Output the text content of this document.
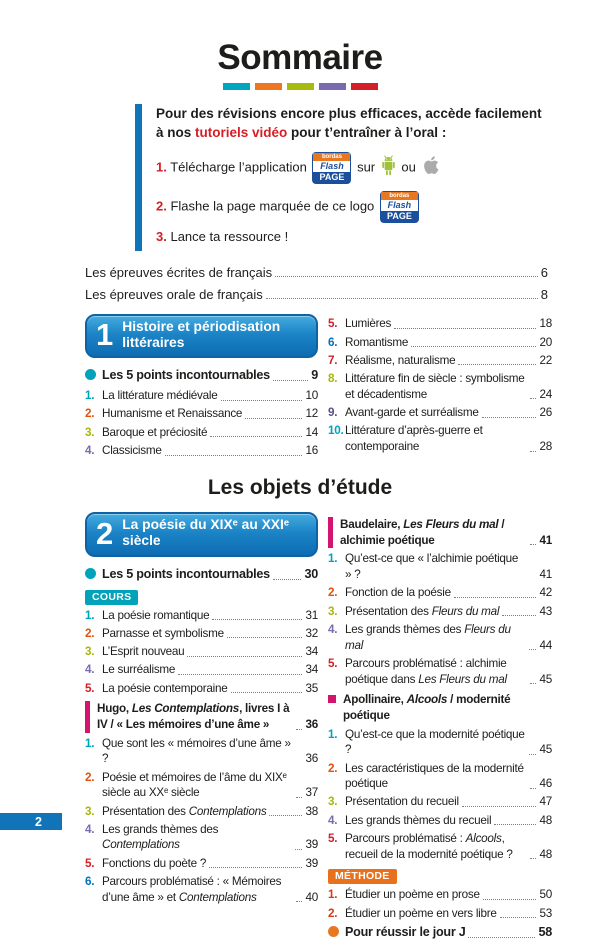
Sommaire

Pour des révisions encore plus efficaces, accède facilement
à nos tutoriels vidéo pour t’entraîner à l’oral :

1. Télécharge l’application
bordas
Flash
PAGE
sur ou
2. Flashe la page marquée de ce logo
bordas
Flash
PAGE
3. Lance ta ressource !
Les épreuves écrites de français	6
Les épreuves orale de français	8
1 Histoire et périodisation littéraires
Les 5 points incontournables	9
1. La littérature médiévale	10
2. Humanisme et Renaissance	12
3. Baroque et préciosité	14
4. Classicisme	16
5. Lumières	18
6. Romantisme	20
7. Réalisme, naturalisme	22
8. Littérature fin de siècle : symbolisme et décadentisme	24
9. Avant-garde et surréalisme	26
10. Littérature d’après-guerre et contemporaine	28
Les objets d’étude
2 La poésie du XIXᵉ au XXIᵉ siècle
Les 5 points incontournables	30
COURS
1. La poésie romantique	31
2. Parnasse et symbolisme	32
3. L’Esprit nouveau	34
4. Le surréalisme	34
5. La poésie contemporaine	35
Hugo, Les Contemplations, livres I à IV / « Les mémoires d’une âme »	36
1. Que sont les « mémoires d’une âme » ?	36
2. Poésie et mémoires de l’âme du XIXᵉ siècle au XXᵉ siècle	37
3. Présentation des Contemplations	38
4. Les grands thèmes des Contemplations	39
5. Fonctions du poète ?	39
6. Parcours problématisé : « Mémoires d’une âme » et Contemplations	40
Baudelaire, Les Fleurs du mal / alchimie poétique	41
1. Qu’est-ce que « l’alchimie poétique » ?	41
2. Fonction de la poésie	42
3. Présentation des Fleurs du mal	43
4. Les grands thèmes des Fleurs du mal	44
5. Parcours problématisé : alchimie poétique dans Les Fleurs du mal	45
Apollinaire, Alcools / modernité poétique
1. Qu’est-ce que la modernité poétique ?	45
2. Les caractéristiques de la modernité poétique	46
3. Présentation du recueil	47
4. Les grands thèmes du recueil	48
5. Parcours problématisé : Alcools, recueil de la modernité poétique ?	48
MÉTHODE
1. Étudier un poème en prose	50
2. Étudier un poème en vers libre	53
Pour réussir le jour J	58
2
